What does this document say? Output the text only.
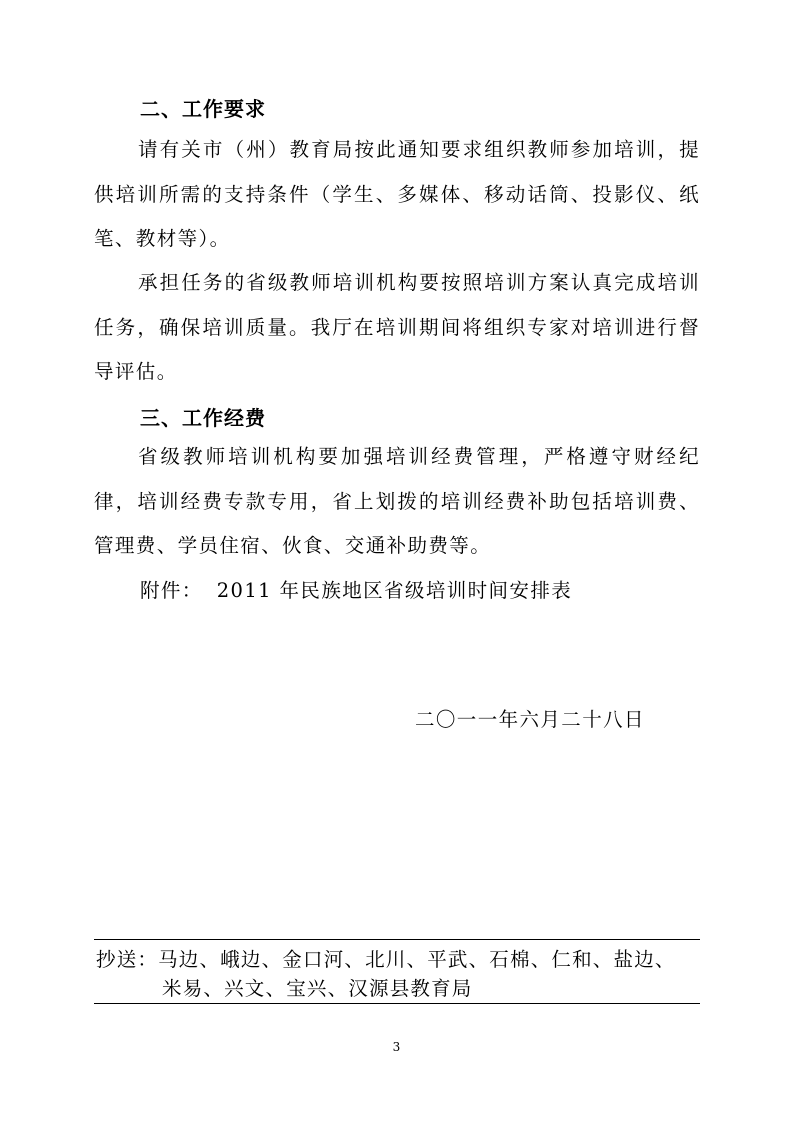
二、工作要求
请有关市（州）教育局按此通知要求组织教师参加培训，提供培训所需的支持条件（学生、多媒体、移动话筒、投影仪、纸笔、教材等）。
承担任务的省级教师培训机构要按照培训方案认真完成培训任务，确保培训质量。我厅在培训期间将组织专家对培训进行督导评估。
三、工作经费
省级教师培训机构要加强培训经费管理，严格遵守财经纪律，培训经费专款专用，省上划拨的培训经费补助包括培训费、管理费、学员住宿、伙食、交通补助费等。
附件： 2011 年民族地区省级培训时间安排表
二〇一一年六月二十八日
抄送：马边、峨边、金口河、北川、平武、石棉、仁和、盐边、
米易、兴文、宝兴、汉源县教育局
3
